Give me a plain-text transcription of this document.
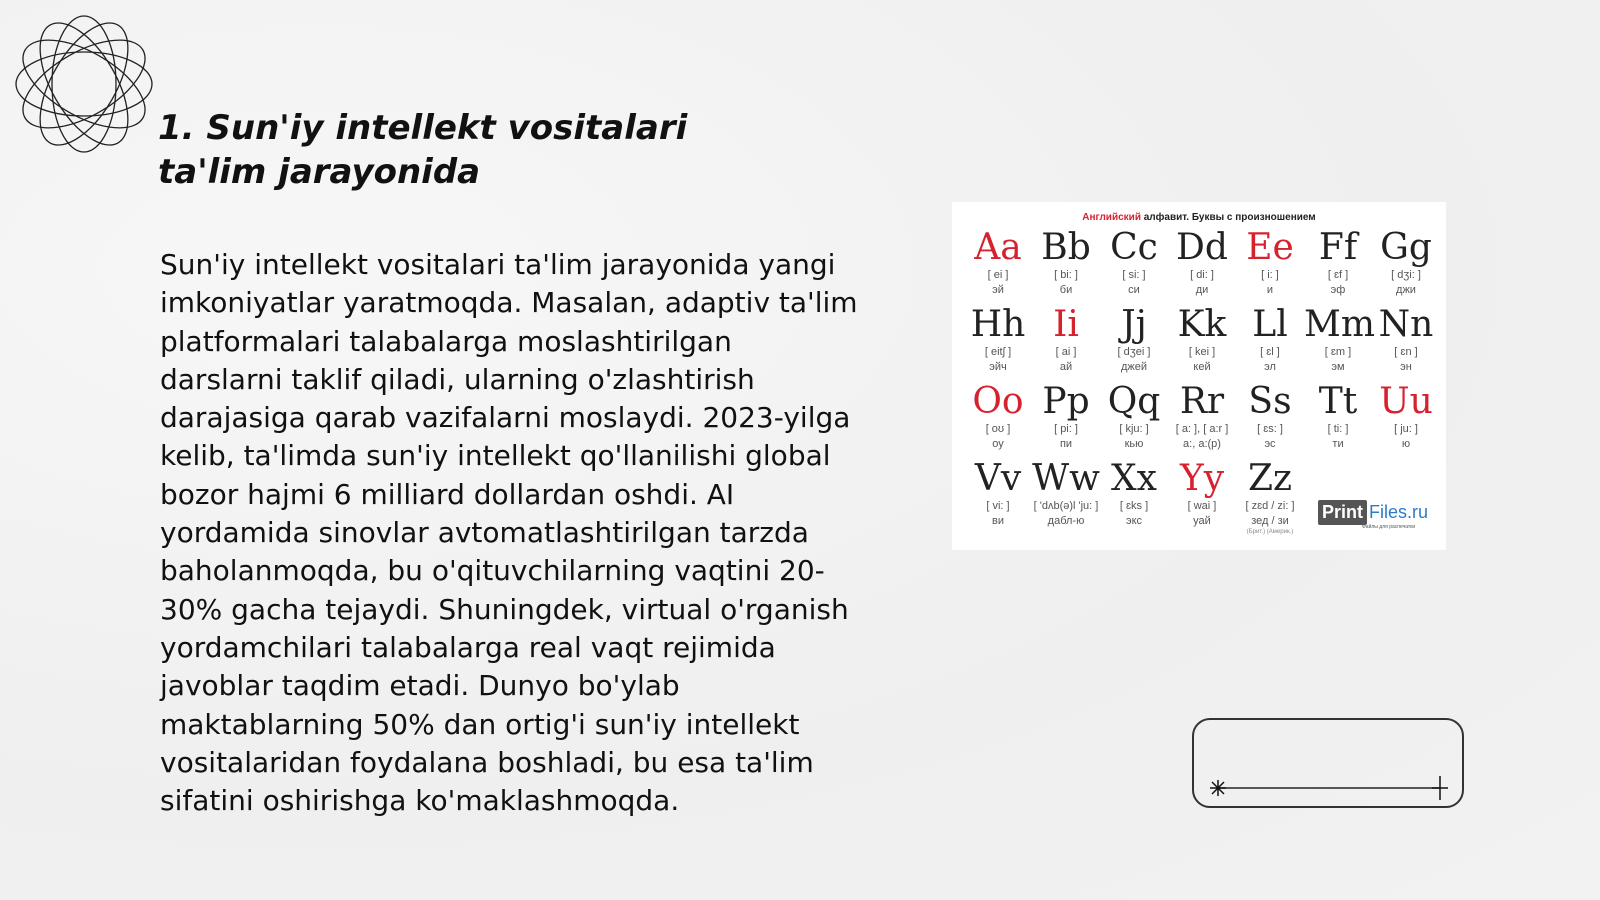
1. Sun'iy intellekt vositalari ta'lim jarayonida

Sun'iy intellekt vositalari ta'lim jarayonida yangi imkoniyatlar yaratmoqda. Masalan, adaptiv ta'lim platformalari talabalarga moslashtirilgan darslarni taklif qiladi, ularning o'zlashtirish darajasiga qarab vazifalarni moslaydi. 2023-yilga kelib, ta'limda sun'iy intellekt qo'llanilishi global bozor hajmi 6 milliard dollardan oshdi. AI yordamida sinovlar avtomatlashtirilgan tarzda baholanmoqda, bu o'qituvchilarning vaqtini 20-30% gacha tejaydi. Shuningdek, virtual o'rganish yordamchilari talabalarga real vaqt rejimida javoblar taqdim etadi. Dunyo bo'ylab maktablarning 50% dan ortig'i sun'iy intellekt vositalaridan foydalana boshladi, bu esa ta'lim sifatini oshirishga ko'maklashmoqda.

Английский алфавит. Буквы с произношением
Aa
[ ei ]
эй
Bb
[ bi: ]
би
Cc
[ si: ]
си
Dd
[ di: ]
ди
Ee
[ i: ]
и
Ff
[ ɛf ]
эф
Gg
[ dʒi: ]
джи
Hh
[ eitʃ ]
эйч
Ii
[ ai ]
ай
Jj
[ dʒei ]
джей
Kk
[ kei ]
кей
Ll
[ ɛl ]
эл
Mm
[ ɛm ]
эм
Nn
[ ɛn ]
эн
Oo
[ oʊ ]
оу
Pp
[ pi: ]
пи
Qq
[ kju: ]
кью
Rr
[ a: ], [ a:r ]
а:, а:(р)
Ss
[ ɛs: ]
эс
Tt
[ ti: ]
ти
Uu
[ ju: ]
ю
Vv
[ vi: ]
ви
Ww
[ 'dʌb(ə)l 'ju: ]
дабл-ю
Xx
[ ɛks ]
экс
Yy
[ wai ]
уай
Zz
[ zɛd / zi: ]
зед / зи
(Брит.) (Америк.)
Print Files.ru
Файлы для распечатки
